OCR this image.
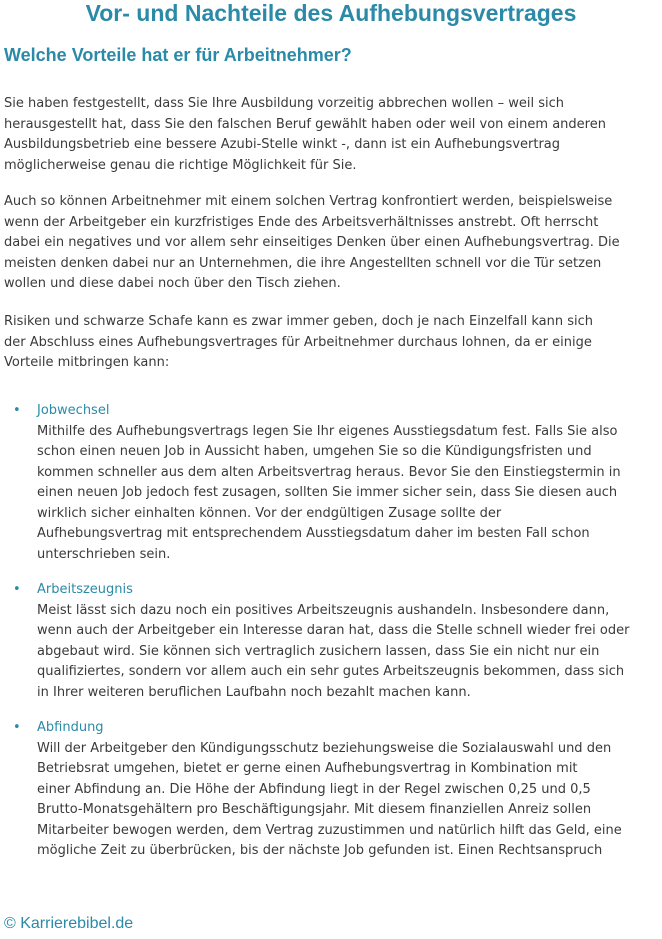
Vor- und Nachteile des Aufhebungsvertrages
Welche Vorteile hat er für Arbeitnehmer?

Sie haben festgestellt, dass Sie Ihre Ausbildung vorzeitig abbrechen wollen – weil sich
herausgestellt hat, dass Sie den falschen Beruf gewählt haben oder weil von einem anderen
Ausbildungsbetrieb eine bessere Azubi-Stelle winkt -, dann ist ein Aufhebungsvertrag
möglicherweise genau die richtige Möglichkeit für Sie.

Auch so können Arbeitnehmer mit einem solchen Vertrag konfrontiert werden, beispielsweise
wenn der Arbeitgeber ein kurzfristiges Ende des Arbeitsverhältnisses anstrebt. Oft herrscht
dabei ein negatives und vor allem sehr einseitiges Denken über einen Aufhebungsvertrag. Die
meisten denken dabei nur an Unternehmen, die ihre Angestellten schnell vor die Tür setzen
wollen und diese dabei noch über den Tisch ziehen.

Risiken und schwarze Schafe kann es zwar immer geben, doch je nach Einzelfall kann sich
der Abschluss eines Aufhebungsvertrages für Arbeitnehmer durchaus lohnen, da er einige
Vorteile mitbringen kann:

• Jobwechsel

Mithilfe des Aufhebungsvertrags legen Sie Ihr eigenes Ausstiegsdatum fest. Falls Sie also
schon einen neuen Job in Aussicht haben, umgehen Sie so die Kündigungsfristen und
kommen schneller aus dem alten Arbeitsvertrag heraus. Bevor Sie den Einstiegstermin in
einen neuen Job jedoch fest zusagen, sollten Sie immer sicher sein, dass Sie diesen auch
wirklich sicher einhalten können. Vor der endgültigen Zusage sollte der
Aufhebungsvertrag mit entsprechendem Ausstiegsdatum daher im besten Fall schon
unterschrieben sein.

• Arbeitszeugnis

Meist lässt sich dazu noch ein positives Arbeitszeugnis aushandeln. Insbesondere dann,
wenn auch der Arbeitgeber ein Interesse daran hat, dass die Stelle schnell wieder frei oder
abgebaut wird. Sie können sich vertraglich zusichern lassen, dass Sie ein nicht nur ein
qualifiziertes, sondern vor allem auch ein sehr gutes Arbeitszeugnis bekommen, dass sich
in Ihrer weiteren beruflichen Laufbahn noch bezahlt machen kann.

• Abfindung

Will der Arbeitgeber den Kündigungsschutz beziehungsweise die Sozialauswahl und den
Betriebsrat umgehen, bietet er gerne einen Aufhebungsvertrag in Kombination mit
einer Abfindung an. Die Höhe der Abfindung liegt in der Regel zwischen 0,25 und 0,5
Brutto-Monatsgehältern pro Beschäftigungsjahr. Mit diesem finanziellen Anreiz sollen
Mitarbeiter bewogen werden, dem Vertrag zuzustimmen und natürlich hilft das Geld, eine
mögliche Zeit zu überbrücken, bis der nächste Job gefunden ist. Einen Rechtsanspruch

© Karrierebibel.de
